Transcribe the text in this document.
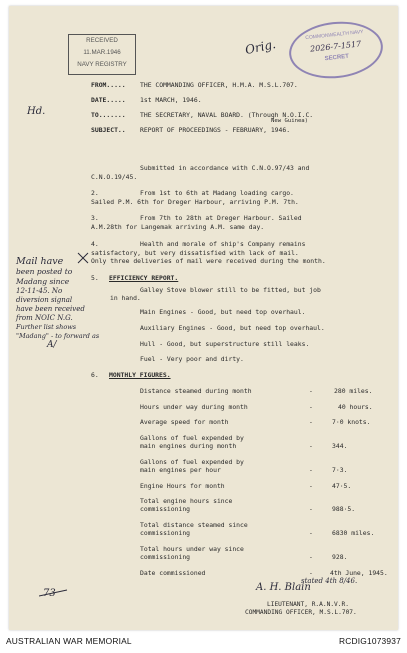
RECEIVED
11.MAR.1946
NAVY REGISTRY
Orig.
COMMONWEALTH NAVY
2026-7-1517
SECRET
Hd.
FROM..... THE COMMANDING OFFICER, H.M.A. M.S.L.707.
DATE..... 1st MARCH, 1946.
TO....... THE SECRETARY, NAVAL BOARD. (Through N.O.I.C.
New Guinea)
SUBJECT.. REPORT OF PROCEEDINGS - FEBRUARY, 1946.
Submitted in accordance with C.N.O.97/43 and
C.N.O.19/45.
2.	From 1st to 6th at Madang loading cargo.
Sailed P.M. 6th for Dreger Harbour, arriving P.M. 7th.
3.	From 7th to 28th at Dreger Harbour. Sailed
A.M.28th for Langemak arriving A.M. same day.
4.	Health and morale of ship's Company remains
satisfactory, but very dissatisfied with lack of mail.
Only three deliveries of mail were received during the month.
5. EFFICIENCY REPORT.
Galley Stove blower still to be fitted, but job
in hand.
Main Engines - Good, but need top overhaul.
Auxiliary Engines - Good, but need top overhaul.
Hull - Good, but superstructure still leaks.
Fuel - Very poor and dirty.
6. MONTHLY FIGURES.
Distance steamed during month	-	280 miles.
Hours under way during month	-	40 hours.
Average speed for month	-	7·0 knots.
Gallons of fuel expended by
main engines during month	-	344.
Gallons of fuel expended by
main engines per hour	-	7·3.
Engine Hours for month	-	47·5.
Total engine hours since
commissioning	-	988·5.
Total distance steamed since
commissioning	-	6830 miles.
Total hours under way since
commissioning	-	928.
Date commissioned	-	4th June, 1945.
stated 4th 8/46.
Mail have
been posted to
Madang since
12-11-45. No
diversion signal
have been received
from NOIC N.G.
Further list shows
"Madang" - to forward as
A/
A. H. Blain
LIEUTENANT, R.A.N.V.R.
COMMANDING OFFICER, M.S.L.707.
73
AUSTRALIAN WAR MEMORIAL	RCDIG1073937
